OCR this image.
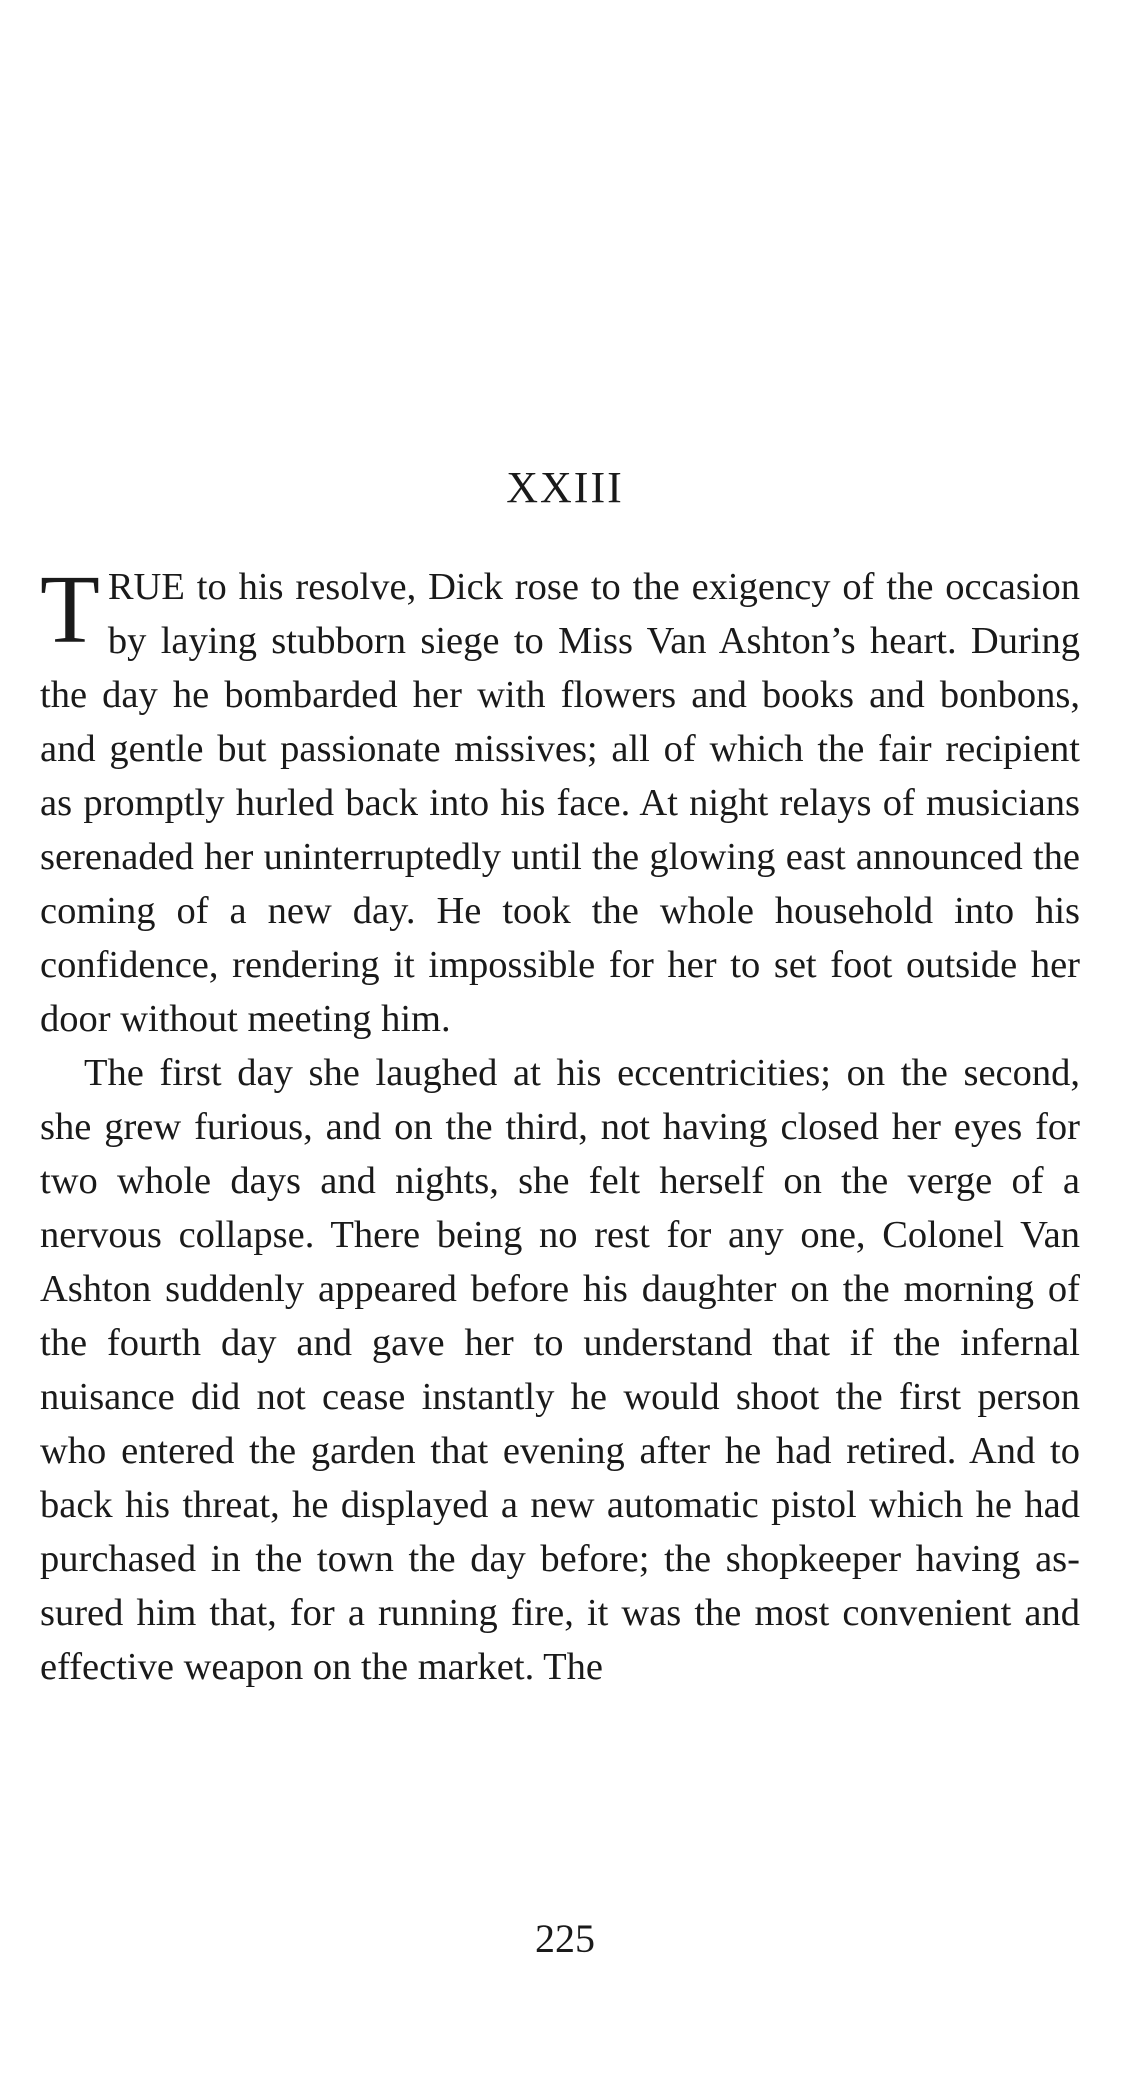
XXIII

TRUE to his resolve, Dick rose to the exigency of the occasion by laying stubborn siege to Miss Van Ashton’s heart. During the day he bombarded her with flowers and books and bonbons, and gentle but passionate missives; all of which the fair recipient as promptly hurled back into his face. At night relays of musicians serenaded her uninterruptedly until the glowing east announced the coming of a new day. He took the whole household into his confidence, rendering it impossible for her to set foot outside her door without meeting him.

The first day she laughed at his eccentricities; on the second, she grew furious, and on the third, not having closed her eyes for two whole days and nights, she felt herself on the verge of a nervous collapse. There being no rest for any one, Colonel Van Ashton suddenly appeared before his daughter on the morning of the fourth day and gave her to understand that if the infernal nuisance did not cease instantly he would shoot the first person who entered the garden that evening after he had retired. And to back his threat, he displayed a new automatic pistol which he had purchased in the town the day before; the shopkeeper having assured him that, for a running fire, it was the most convenient and effective weapon on the market. The

225
